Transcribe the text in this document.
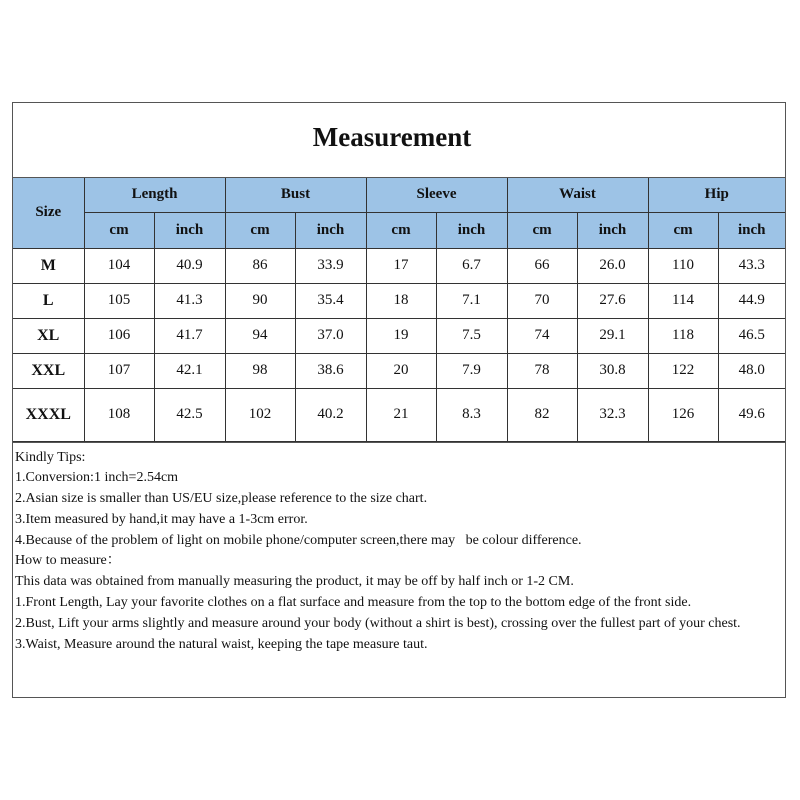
Measurement
Size	Length		Bust		Sleeve		Waist		Hip	
	cm	inch	cm	inch	cm	inch	cm	inch	cm	inch
M	104	40.9	86	33.9	17	6.7	66	26.0	110	43.3
L	105	41.3	90	35.4	18	7.1	70	27.6	114	44.9
XL	106	41.7	94	37.0	19	7.5	74	29.1	118	46.5
XXL	107	42.1	98	38.6	20	7.9	78	30.8	122	48.0
XXXL	108	42.5	102	40.2	21	8.3	82	32.3	126	49.6
Kindly Tips:
1.Conversion:1 inch=2.54cm
2.Asian size is smaller than US/EU size,please reference to the size chart.
3.Item measured by hand,it may have a 1-3cm error.
4.Because of the problem of light on mobile phone/computer screen,there may   be colour difference.
How to measure：
This data was obtained from manually measuring the product, it may be off by half inch or 1-2 CM.
1.Front Length, Lay your favorite clothes on a flat surface and measure from the top to the bottom edge of the front side.
2.Bust, Lift your arms slightly and measure around your body (without a shirt is best), crossing over the fullest part of your chest.
3.Waist, Measure around the natural waist, keeping the tape measure taut.
